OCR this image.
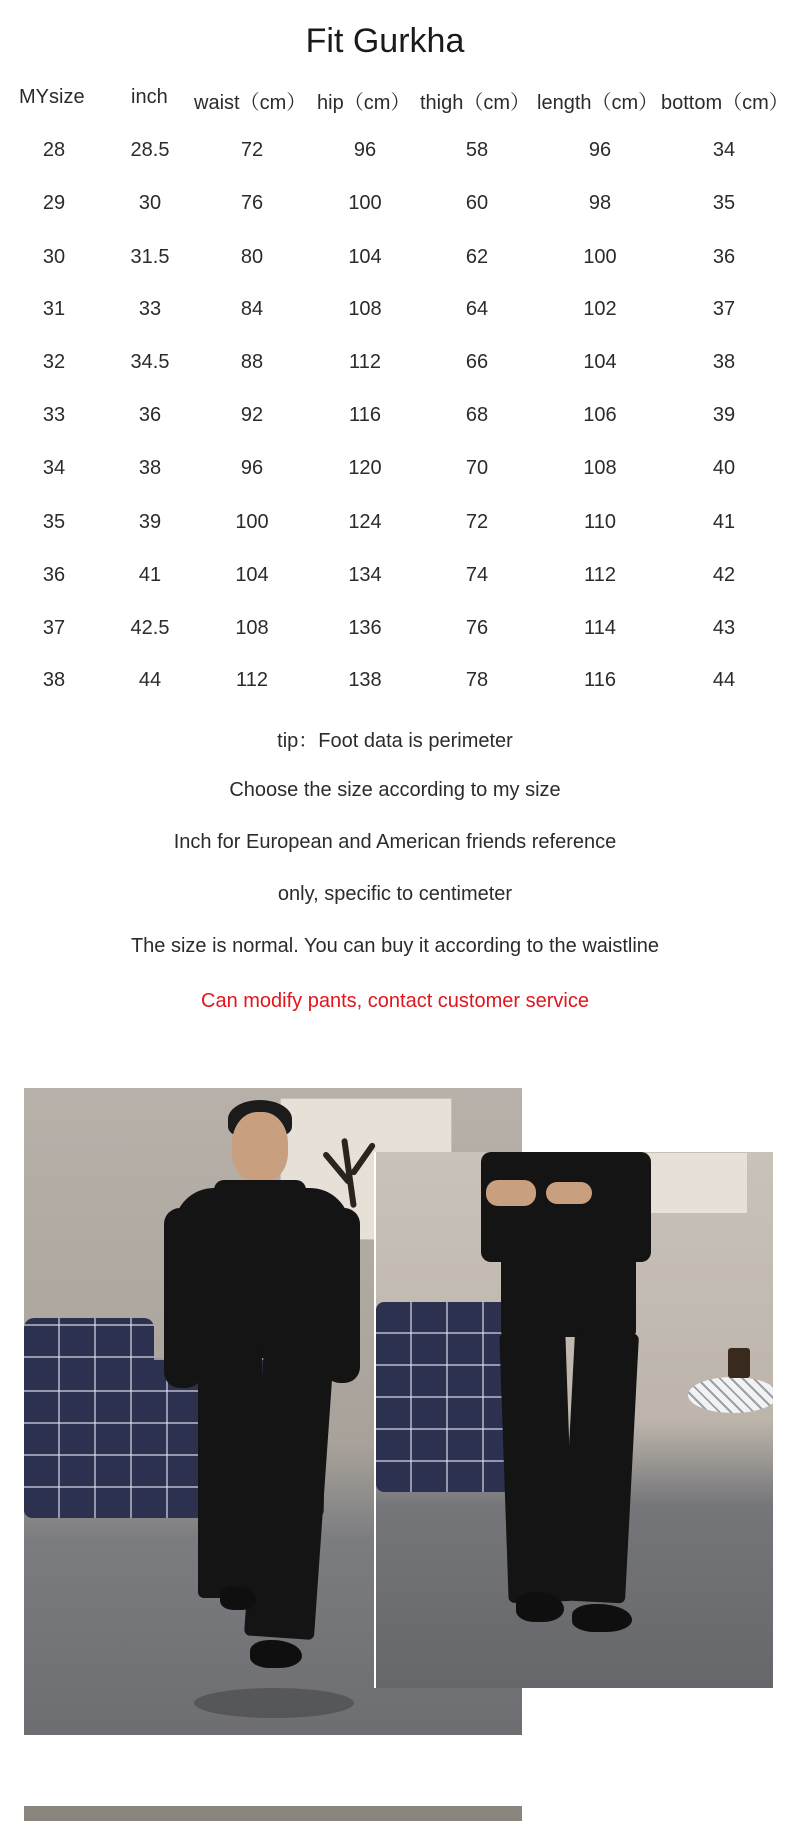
Fit Gurkha
MYsize inch waist（cm） hip（cm） thigh（cm） length（cm） bottom（cm）
28	28.5	72	96	58	96	34
29	30	76	100	60	98	35
30	31.5	80	104	62	100	36
31	33	84	108	64	102	37
32	34.5	88	112	66	104	38
33	36	92	116	68	106	39
34	38	96	120	70	108	40
35	39	100	124	72	110	41
36	41	104	134	74	112	42
37	42.5	108	136	76	114	43
38	44	112	138	78	116	44
tip：Foot data is perimeter
Choose the size according to my size
Inch for European and American friends reference
only, specific to centimeter
The size is normal. You can buy it according to the waistline
Can modify pants, contact customer service
